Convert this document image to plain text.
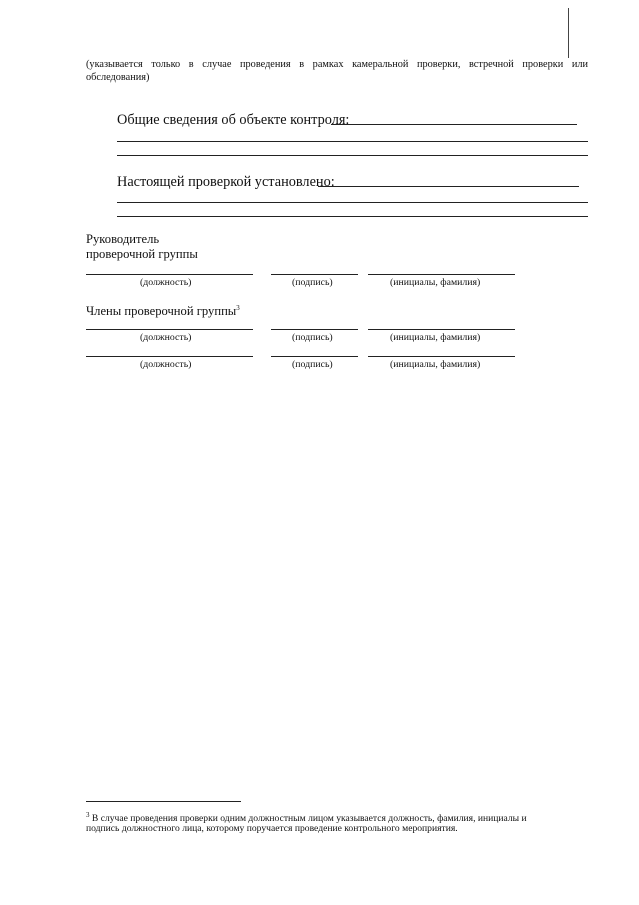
(указывается только в случае проведения в рамках камеральной проверки, встречной проверки или
обследования)
Общие сведения об объекте контроля:
Настоящей проверкой установлено:
Руководитель
проверочной группы
(должность)	(подпись)	(инициалы, фамилия)
Члены проверочной группы$^3$
(должность)	(подпись)	(инициалы, фамилия)
(должность)	(подпись)	(инициалы, фамилия)
$^3$ В случае проведения проверки одним должностным лицом указывается должность, фамилия, инициалы и
подпись должностного лица, которому поручается проведение контрольного мероприятия.
